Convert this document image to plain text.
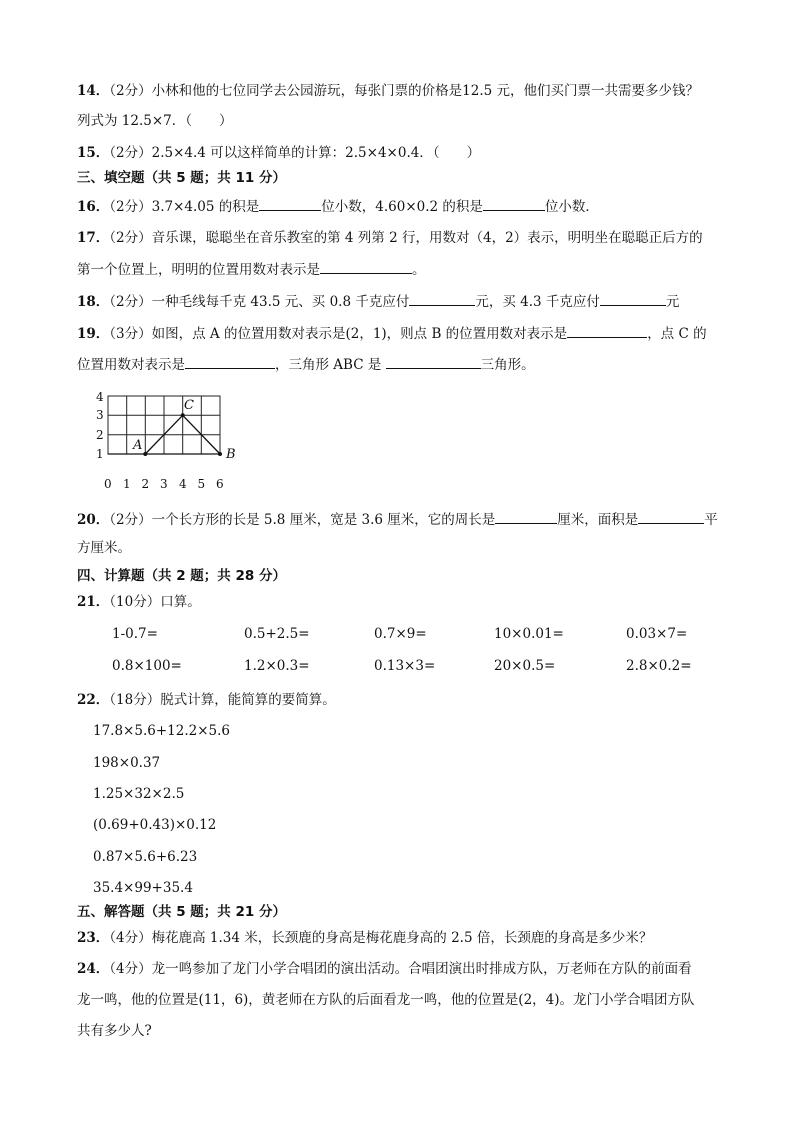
14．（2分）小林和他的七位同学去公园游玩，每张门票的价格是12.5 元，他们买门票一共需要多少钱？
列式为 12.5×7．（　　）
15．（2分）2.5×4.4 可以这样简单的计算：2.5×4×0.4．（　　）
三、填空题（共 5 题；共 11 分）
16．（2分）3.7×4.05 的积是	位小数，4.60×0.2 的积是	位小数．
17．（2分）音乐课，聪聪坐在音乐教室的第 4 列第 2 行，用数对（4，2）表示，明明坐在聪聪正后方的
第一个位置上，明明的位置用数对表示是	。
18．（2分）一种毛线每千克 43.5 元、买 0.8 千克应付	元，买 4.3 千克应付	元
19．（3分）如图，点 A 的位置用数对表示是(2，1)，则点 B 的位置用数对表示是	，点 C 的
位置用数对表示是	，三角形 ABC 是	三角形。
1
2
3
4
0 1 2 3 4 5 6
A
B
C
20．（2分）一个长方形的长是 5.8 厘米，宽是 3.6 厘米，它的周长是	厘米，面积是	平
方厘米。
四、计算题（共 2 题；共 28 分）
21．（10分）口算。
1-0.7=	0.5+2.5=	0.7×9=	10×0.01=	0.03×7=
0.8×100=	1.2×0.3=	0.13×3=	20×0.5=	2.8×0.2=
22．（18分）脱式计算，能简算的要简算。
17.8×5.6+12.2×5.6
198×0.37
1.25×32×2.5
(0.69+0.43)×0.12
0.87×5.6+6.23
35.4×99+35.4
五、解答题（共 5 题；共 21 分）
23．（4分）梅花鹿高 1.34 米，长颈鹿的身高是梅花鹿身高的 2.5 倍，长颈鹿的身高是多少米？
24．（4分）龙一鸣参加了龙门小学合唱团的演出活动。合唱团演出时排成方队，万老师在方队的前面看
龙一鸣，他的位置是(11，6)，黄老师在方队的后面看龙一鸣，他的位置是(2，4)。龙门小学合唱团方队
共有多少人?
